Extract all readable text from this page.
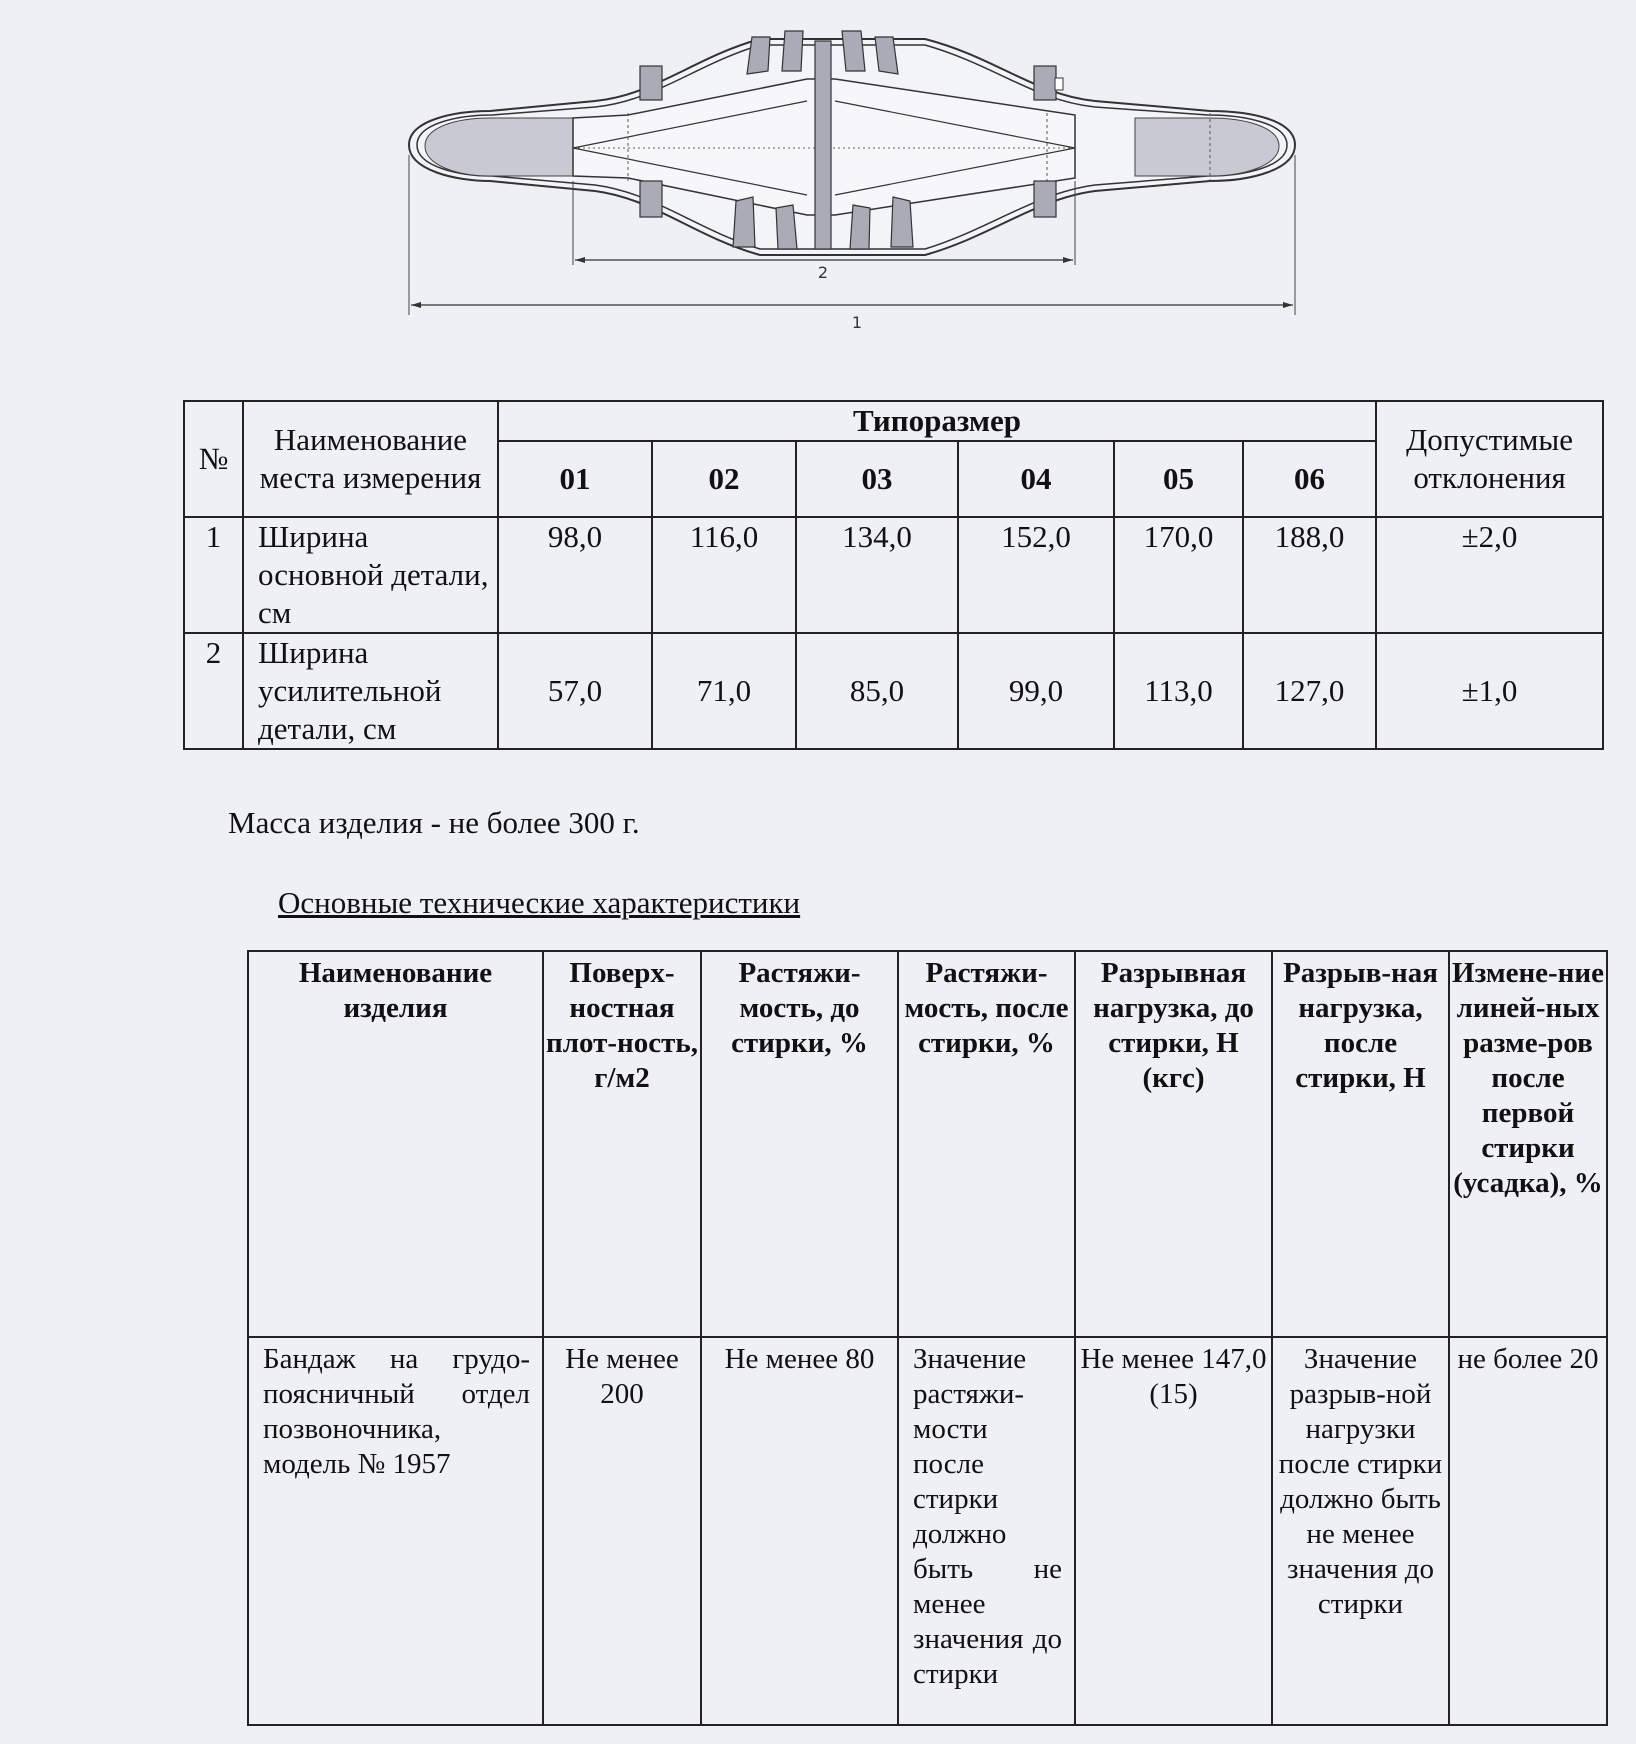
2
1
№	Наименование места измерения	Типоразмер						Допустимые отклонения
		01	02	03	04	05	06	
1	Ширина основной детали, см	98,0	116,0	134,0	152,0	170,0	188,0	±2,0
2	Ширина усилительной детали, см	57,0	71,0	85,0	99,0	113,0	127,0	±1,0
Масса изделия - не более 300 г.
Основные технические характеристики
Наименование изделия	Поверх-ностная плот-ность, г/м2	Растяжи-мость, до стирки, %	Растяжи-мость, после стирки, %	Разрывная нагрузка, до стирки, Н (кгс)	Разрыв-ная нагрузка, после стирки, Н	Измене-ние линей-ных разме-ров после первой стирки (усадка), %
Бандаж на грудо-поясничный отдел позвоночника, модель № 1957	Не менее 200	Не менее 80	Значение растяжи-мости после стирки должно быть не менее значения до стирки	Не менее 147,0 (15)	Значение разрыв-ной нагрузки после стирки должно быть не менее значения до стирки	не более 20
